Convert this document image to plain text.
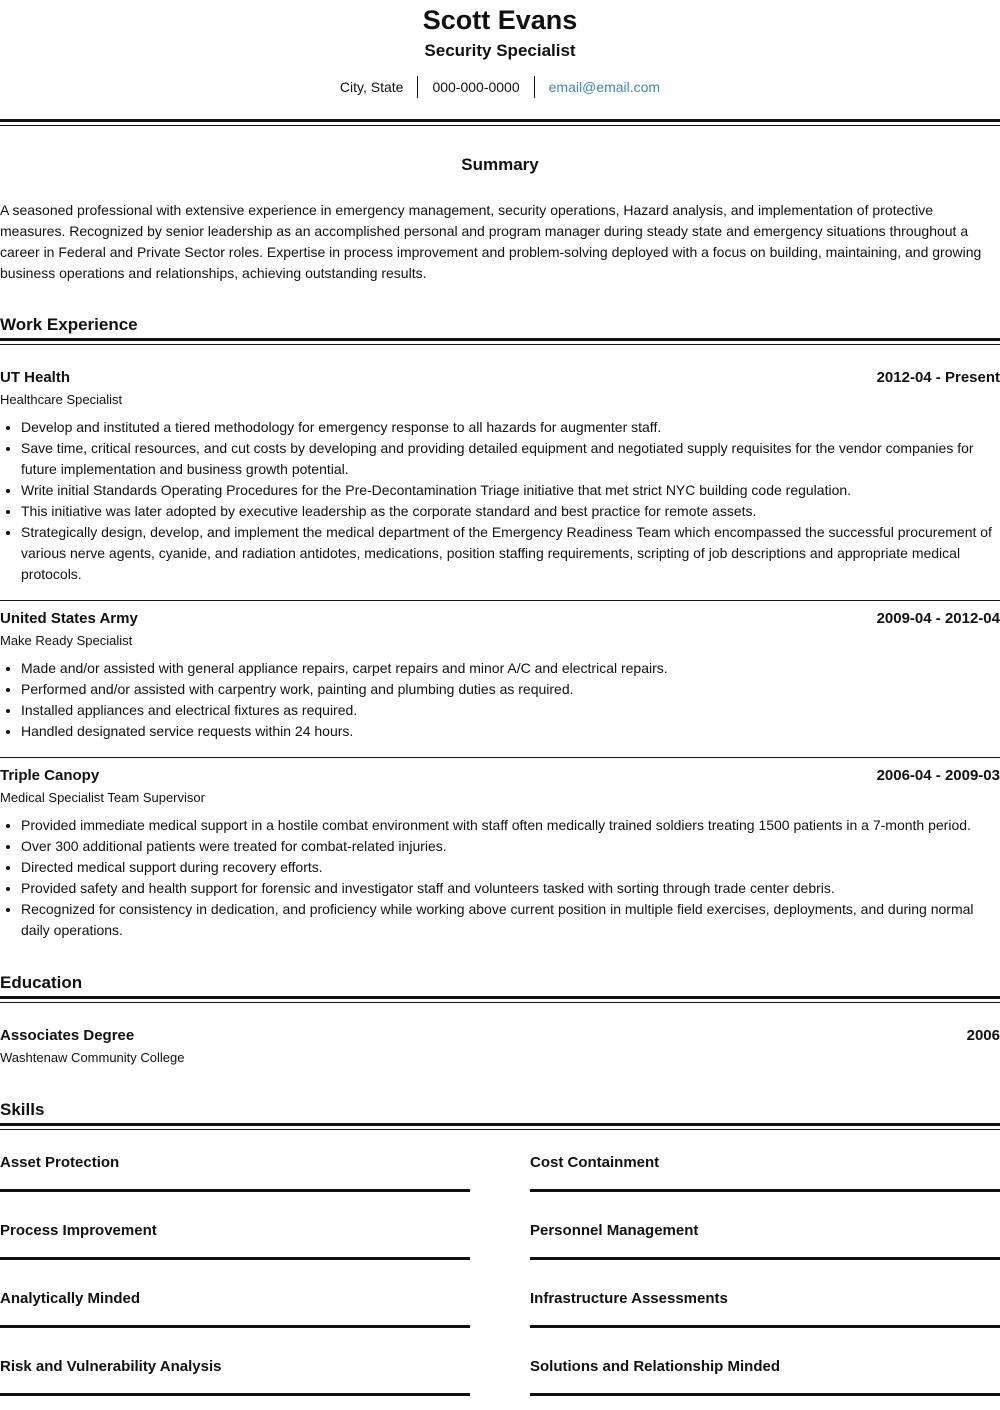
Scott Evans
Security Specialist
City, State	000-000-0000	email@email.com
Summary
A seasoned professional with extensive experience in emergency management, security operations, Hazard analysis, and implementation of protective measures. Recognized by senior leadership as an accomplished personal and program manager during steady state and emergency situations throughout a career in Federal and Private Sector roles. Expertise in process improvement and problem-solving deployed with a focus on building, maintaining, and growing business operations and relationships, achieving outstanding results.
Work Experience
UT Health	2012-04 - Present
Healthcare Specialist
• Develop and instituted a tiered methodology for emergency response to all hazards for augmenter staff.
• Save time, critical resources, and cut costs by developing and providing detailed equipment and negotiated supply requisites for the vendor companies for future implementation and business growth potential.
• Write initial Standards Operating Procedures for the Pre-Decontamination Triage initiative that met strict NYC building code regulation.
• This initiative was later adopted by executive leadership as the corporate standard and best practice for remote assets.
• Strategically design, develop, and implement the medical department of the Emergency Readiness Team which encompassed the successful procurement of various nerve agents, cyanide, and radiation antidotes, medications, position staffing requirements, scripting of job descriptions and appropriate medical protocols.
United States Army	2009-04 - 2012-04
Make Ready Specialist
• Made and/or assisted with general appliance repairs, carpet repairs and minor A/C and electrical repairs.
• Performed and/or assisted with carpentry work, painting and plumbing duties as required.
• Installed appliances and electrical fixtures as required.
• Handled designated service requests within 24 hours.
Triple Canopy	2006-04 - 2009-03
Medical Specialist Team Supervisor
• Provided immediate medical support in a hostile combat environment with staff often medically trained soldiers treating 1500 patients in a 7-month period.
• Over 300 additional patients were treated for combat-related injuries.
• Directed medical support during recovery efforts.
• Provided safety and health support for forensic and investigator staff and volunteers tasked with sorting through trade center debris.
• Recognized for consistency in dedication, and proficiency while working above current position in multiple field exercises, deployments, and during normal daily operations.
Education
Associates Degree	2006
Washtenaw Community College
Skills
Asset Protection	Cost Containment
Process Improvement	Personnel Management
Analytically Minded	Infrastructure Assessments
Risk and Vulnerability Analysis	Solutions and Relationship Minded
